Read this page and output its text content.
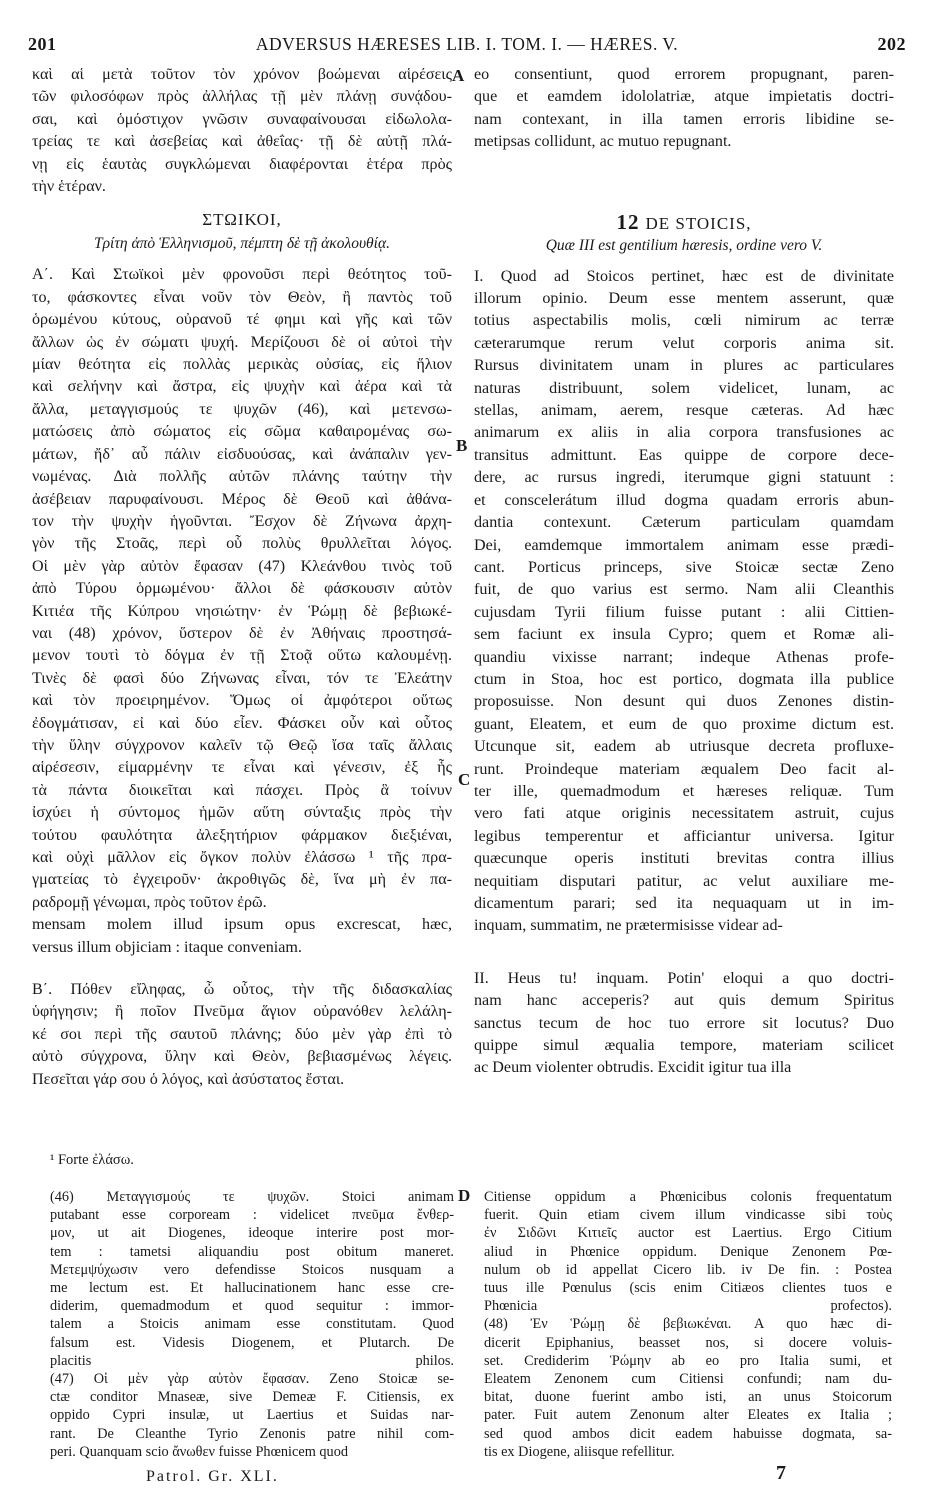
201	ADVERSUS HÆRESES LIB. I. TOM. I. — HÆRES. V.	202
καὶ αἱ μετὰ τοῦτον τὸν χρόνον βοώμεναι αἱρέσεις
τῶν φιλοσόφων πρὸς ἀλλήλας τῇ μὲν πλάνῃ συνᾴδου-
σαι, καὶ ὁμόστιχον γνῶσιν συναφαίνουσαι εἰδωλολα-
τρείας τε καὶ ἀσεβείας καὶ ἀθεΐας· τῇ δὲ αὐτῇ πλά-
νῃ εἰς ἑαυτὰς συγκλώμεναι διαφέρονται ἑτέρα πρὸς
τὴν ἑτέραν.
ΣΤΩΙΚΟΙ,
Τρίτη ἀπὸ Ἑλληνισμοῦ, πέμπτη δὲ τῇ ἀκολουθίᾳ.
Α΄. Καὶ Στωϊκοὶ μὲν φρονοῦσι περὶ θεότητος τοῦ-
το, φάσκοντες εἶναι νοῦν τὸν Θεὸν, ἢ παντὸς τοῦ
ὁρωμένου κύτους, οὐρανοῦ τέ φημι καὶ γῆς καὶ τῶν
ἄλλων ὡς ἐν σώματι ψυχή. Μερίζουσι δὲ οἱ αὐτοὶ τὴν
μίαν θεότητα εἰς πολλὰς μερικὰς οὐσίας, εἰς ἥλιον
καὶ σελήνην καὶ ἄστρα, εἰς ψυχὴν καὶ ἀέρα καὶ τὰ
ἄλλα, μεταγγισμούς τε ψυχῶν (46), καὶ μετενσω-
ματώσεις ἀπὸ σώματος εἰς σῶμα καθαιρομένας σω-
μάτων, ἤδ᾽ αὖ πάλιν εἰσδυούσας, καὶ ἀνάπαλιν γεν-
νωμένας. Διὰ πολλῆς αὐτῶν πλάνης ταύτην τὴν
ἀσέβειαν παρυφαίνουσι. Μέρος δὲ Θεοῦ καὶ ἀθάνα-
τον τὴν ψυχὴν ἡγοῦνται. Ἔσχον δὲ Ζήνωνα ἀρχη-
γὸν τῆς Στοᾶς, περὶ οὗ πολὺς θρυλλεῖται λόγος.
Οἱ μὲν γὰρ αὐτὸν ἔφασαν (47) Κλεάνθου τινὸς τοῦ
ἀπὸ Τύρου ὁρμωμένου· ἄλλοι δὲ φάσκουσιν αὐτὸν
Κιτιέα τῆς Κύπρου νησιώτην· ἐν Ῥώμῃ δὲ βεβιωκέ-
ναι (48) χρόνον, ὕστερον δὲ ἐν Ἀθήναις προστησά-
μενον τουτὶ τὸ δόγμα ἐν τῇ Στοᾷ οὕτω καλουμένῃ.
Τινὲς δὲ φασὶ δύο Ζήνωνας εἶναι, τόν τε Ἐλεάτην
καὶ τὸν προειρημένον. Ὅμως οἱ ἀμφότεροι οὕτως
ἐδογμάτισαν, εἰ καὶ δύο εἶεν. Φάσκει οὖν καὶ οὗτος
τὴν ὕλην σύγχρονον καλεῖν τῷ Θεῷ ἴσα ταῖς ἄλλαις
αἱρέσεσιν, εἱμαρμένην τε εἶναι καὶ γένεσιν, ἐξ ἧς
τὰ πάντα διοικεῖται καὶ πάσχει. Πρὸς ἃ τοίνυν
ἰσχύει ἡ σύντομος ἡμῶν αὕτη σύνταξις πρὸς τὴν
τούτου φαυλότητα ἀλεξητήριον φάρμακον διεξιέναι,
καὶ οὐχὶ μᾶλλον εἰς ὄγκον πολὺν ἐλάσσω ¹ τῆς πρα-
γματείας τὸ ἐγχειροῦν· ἀκροθιγῶς δὲ, ἵνα μὴ ἐν πα-
ραδρομῇ γένωμαι, πρὸς τοῦτον ἐρῶ.
mensam molem illud ipsum opus excrescat, hæc,
versus illum objiciam : itaque conveniam.
Β΄. Πόθεν εἴληφας, ὦ οὗτος, τὴν τῆς διδασκαλίας
ὑφήγησιν; ἢ ποῖον Πνεῦμα ἅγιον οὐρανόθεν λελάλη-
κέ σοι περὶ τῆς σαυτοῦ πλάνης; δύο μὲν γὰρ ἐπὶ τὸ
αὐτὸ σύγχρονα, ὕλην καὶ Θεὸν, βεβιασμένως λέγεις.
Πεσεῖται γάρ σου ὁ λόγος, καὶ ἀσύστατος ἔσται.
eo consentiunt, quod errorem propugnant, paren-
que et eamdem idololatriæ, atque impietatis doctri-
nam contexant, in illa tamen erroris libidine se-
metipsas collidunt, ac mutuo repugnant.
12 DE STOICIS,
Quæ III est gentilium hæresis, ordine vero V.
I. Quod ad Stoicos pertinet, hæc est de divinitate
illorum opinio. Deum esse mentem asserunt, quæ
totius aspectabilis molis, cœli nimirum ac terræ
cæterarumque rerum velut corporis anima sit.
Rursus divinitatem unam in plures ac particulares
naturas distribuunt, solem videlicet, lunam, ac
stellas, animam, aerem, resque cæteras. Ad hæc
animarum ex aliis in alia corpora transfusiones ac
transitus admittunt. Eas quippe de corpore dece-
dere, ac rursus ingredi, iterumque gigni statuunt :
et conscelerátum illud dogma quadam erroris abun-
dantia contexunt. Cæterum particulam quamdam
Dei, eamdemque immortalem animam esse prædi-
cant. Porticus princeps, sive Stoicæ sectæ Zeno
fuit, de quo varius est sermo. Nam alii Cleanthis
cujusdam Tyrii filium fuisse putant : alii Cittien-
sem faciunt ex insula Cypro; quem et Romæ ali-
quandiu vixisse narrant; indeque Athenas profe-
ctum in Stoa, hoc est portico, dogmata illa publice
proposuisse. Non desunt qui duos Zenones distin-
guant, Eleatem, et eum de quo proxime dictum est.
Utcunque sit, eadem ab utriusque decreta profluxe-
runt. Proindeque materiam æqualem Deo facit al-
ter ille, quemadmodum et hæreses reliquæ. Tum
vero fati atque originis necessitatem astruit, cujus
legibus temperentur et afficiantur universa. Igitur
quæcunque operis instituti brevitas contra illius
nequitiam disputari patitur, ac velut auxiliare me-
dicamentum parari; sed ita nequaquam ut in im-
inquam, summatim, ne prætermisisse videar ad-
II. Heus tu! inquam. Potin' eloqui a quo doctri-
nam hanc acceperis? aut quis demum Spiritus
sanctus tecum de hoc tuo errore sit locutus? Duo
quippe simul æqualia tempore, materiam scilicet
ac Deum violenter obtrudis. Excidit igitur tua illa
A
B
C
D
¹ Forte ἐλάσω.
(46) Μεταγγισμούς τε ψυχῶν. Stoici animam
putabant esse corpoream : videlicet πνεῦμα ἔνθερ-
μον, ut ait Diogenes, ideoque interire post mor-
tem : tametsi aliquandiu post obitum maneret.
Μετεμψύχωσιν vero defendisse Stoicos nusquam a
me lectum est. Et hallucinationem hanc esse cre-
diderim, quemadmodum et quod sequitur : immor-
talem a Stoicis animam esse constitutam. Quod
falsum est. Videsis Diogenem, et Plutarch. De
placitis philos.
(47) Οἱ μὲν γὰρ αὐτὸν ἔφασαν. Zeno Stoicæ se-
ctæ conditor Mnaseæ, sive Demeæ F. Citiensis, ex
oppido Cypri insulæ, ut Laertius et Suidas nar-
rant. De Cleanthe Tyrio Zenonis patre nihil com-
peri. Quanquam scio ἄνωθεν fuisse Phœnicem quod
Citiense oppidum a Phœnicibus colonis frequentatum
fuerit. Quin etiam civem illum vindicasse sibi τοὺς
ἐν Σιδῶνι Κιτιεῖς auctor est Laertius. Ergo Citium
aliud in Phœnice oppidum. Denique Zenonem Pœ-
nulum ob id appellat Cicero lib. iv De fin. : Postea
tuus ille Pœnulus (scis enim Citiæos clientes tuos e
Phœnicia profectos).
(48) Ἐν Ῥώμῃ δὲ βεβιωκέναι. A quo hæc di-
dicerit Epiphanius, beasset nos, si docere voluis-
set. Crediderim Ῥώμην ab eo pro Italia sumi, et
Eleatem Zenonem cum Citiensi confundi; nam du-
bitat, duone fuerint ambo isti, an unus Stoicorum
pater. Fuit autem Zenonum alter Eleates ex Italia ;
sed quod ambos dicit eadem habuisse dogmata, sa-
tis ex Diogene, aliisque refellitur.
Patrol. Gr. XLI.	7
